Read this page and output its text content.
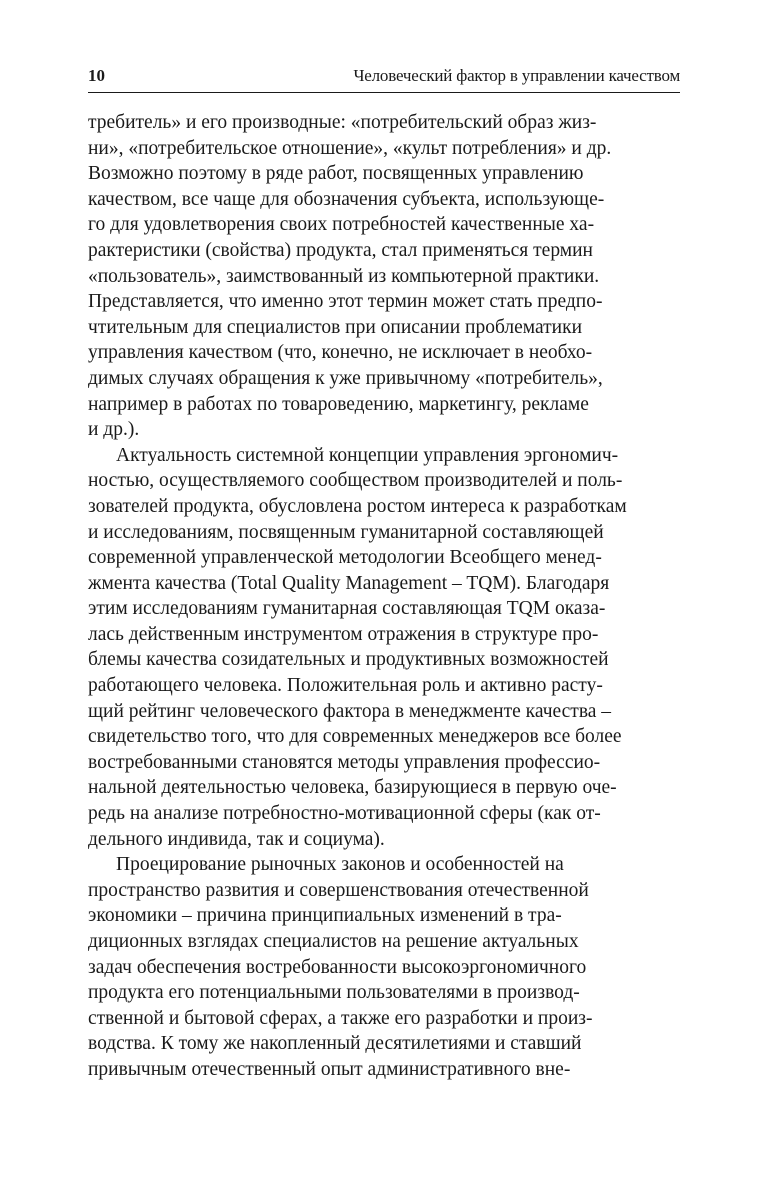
10	Человеческий фактор в управлении качеством

требитель» и его производные: «потребительский образ жиз-
ни», «потребительское отношение», «культ потребления» и др.
Возможно поэтому в ряде работ, посвященных управлению
качеством, все чаще для обозначения субъекта, использующе-
го для удовлетворения своих потребностей качественные ха-
рактеристики (свойства) продукта, стал применяться термин
«пользователь», заимствованный из компьютерной практики.
Представляется, что именно этот термин может стать предпо-
чтительным для специалистов при описании проблематики
управления качеством (что, конечно, не исключает в необхо-
димых случаях обращения к уже привычному «потребитель»,
например в работах по товароведению, маркетингу, рекламе
и др.).

Актуальность системной концепции управления эргономич-
ностью, осуществляемого сообществом производителей и поль-
зователей продукта, обусловлена ростом интереса к разработкам
и исследованиям, посвященным гуманитарной составляющей
современной управленческой методологии Всеобщего менед-
жмента качества (Total Quality Management – TQM). Благодаря
этим исследованиям гуманитарная составляющая TQM оказа-
лась действенным инструментом отражения в структуре про-
блемы качества созидательных и продуктивных возможностей
работающего человека. Положительная роль и активно расту-
щий рейтинг человеческого фактора в менеджменте качества –
свидетельство того, что для современных менеджеров все более
востребованными становятся методы управления профессио-
нальной деятельностью человека, базирующиеся в первую оче-
редь на анализе потребностно-мотивационной сферы (как от-
дельного индивида, так и социума).

Проецирование рыночных законов и особенностей на
пространство развития и совершенствования отечественной
экономики – причина принципиальных изменений в тра-
диционных взглядах специалистов на решение актуальных
задач обеспечения востребованности высокоэргономичного
продукта его потенциальными пользователями в производ-
ственной и бытовой сферах, а также его разработки и произ-
водства. К тому же накопленный десятилетиями и ставший
привычным отечественный опыт административного вне-
